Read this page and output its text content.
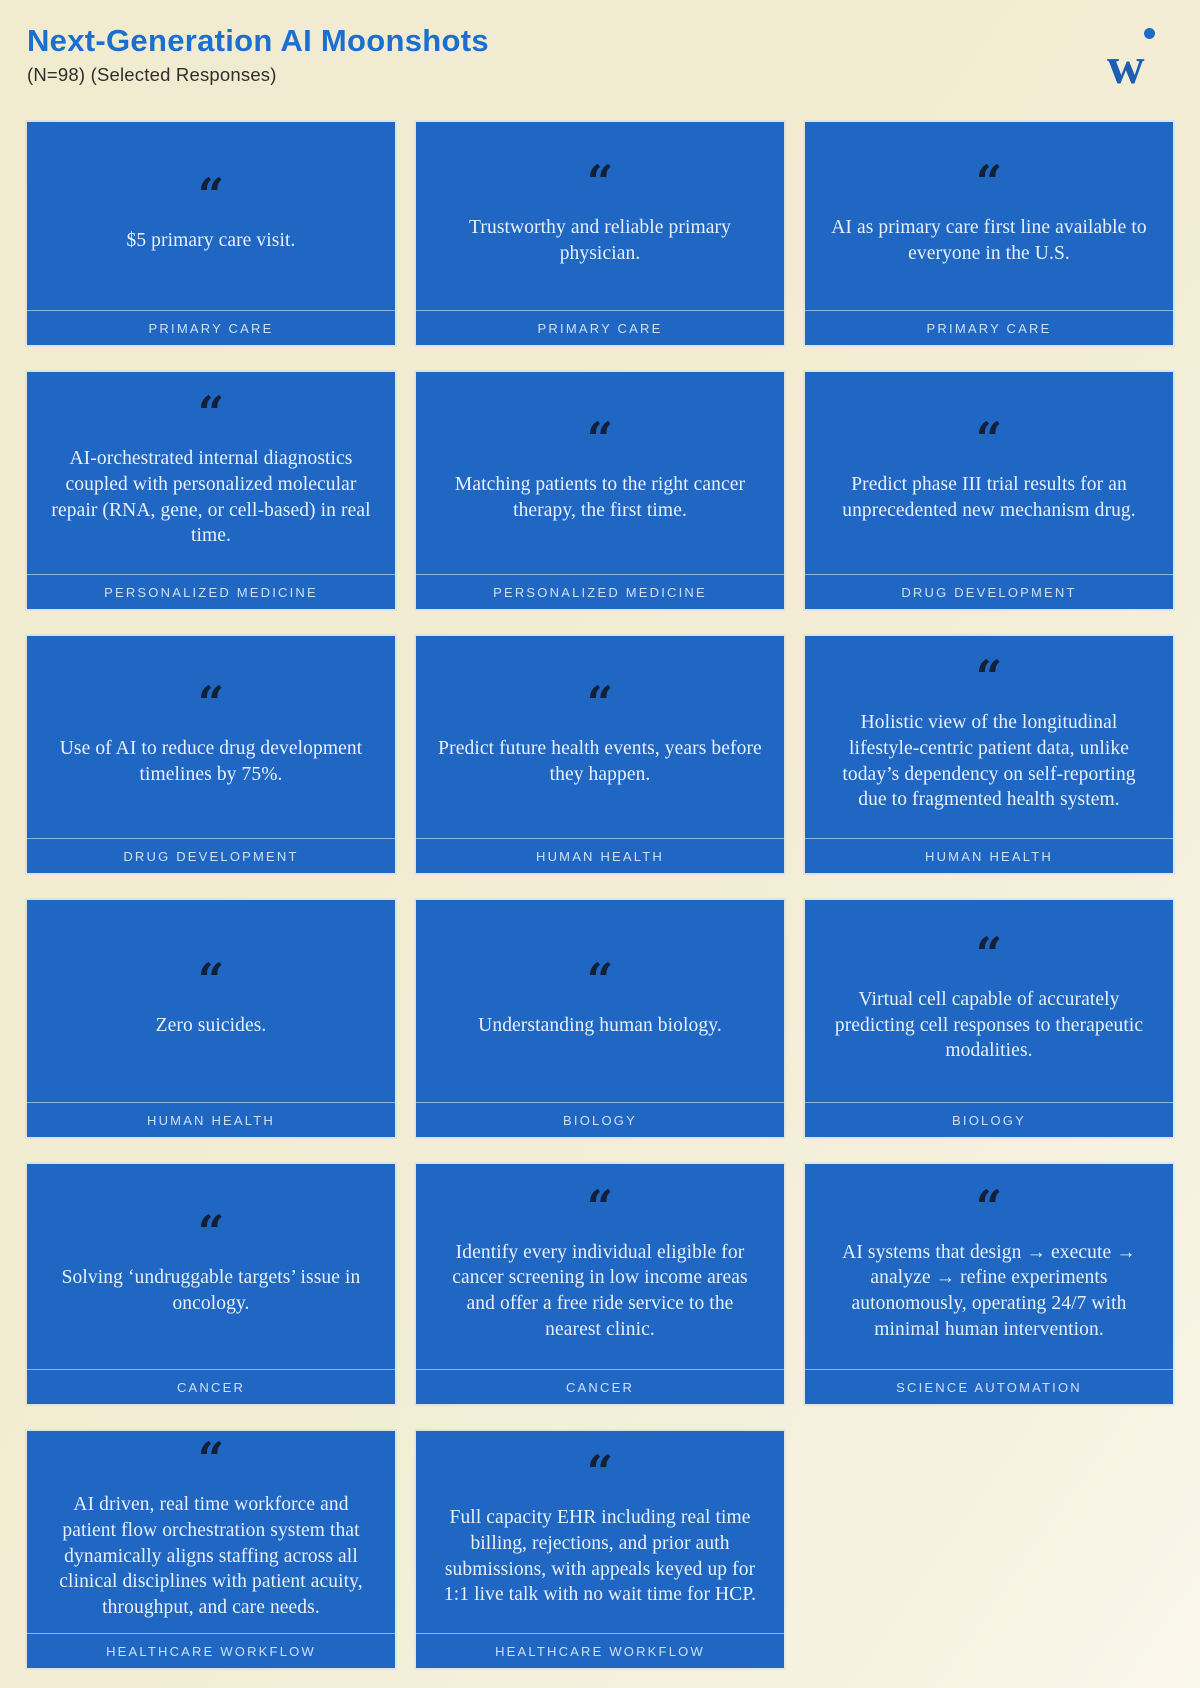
Next-Generation AI Moonshots

(N=98) (Selected Responses)	w
“

$5 primary care visit.

PRIMARY CARE
“

Trustworthy and reliable primary physician.

PRIMARY CARE
“

AI as primary care first line available to everyone in the U.S.

PRIMARY CARE
“

AI-orchestrated internal diagnostics coupled with personalized molecular repair (RNA, gene, or cell-based) in real time.

PERSONALIZED MEDICINE
“

Matching patients to the right cancer therapy, the first time.

PERSONALIZED MEDICINE
“

Predict phase III trial results for an unprecedented new mechanism drug.

DRUG DEVELOPMENT
“

Use of AI to reduce drug development timelines by 75%.

DRUG DEVELOPMENT
“

Predict future health events, years before they happen.

HUMAN HEALTH
“

Holistic view of the longitudinal lifestyle-centric patient data, unlike today’s dependency on self-reporting due to fragmented health system.

HUMAN HEALTH
“

Zero suicides.

HUMAN HEALTH
“

Understanding human biology.

BIOLOGY
“

Virtual cell capable of accurately predicting cell responses to therapeutic modalities.

BIOLOGY
“

Solving ‘undruggable targets’ issue in oncology.

CANCER
“

Identify every individual eligible for cancer screening in low income areas and offer a free ride service to the nearest clinic.

CANCER
“

AI systems that design → execute → analyze → refine experiments autonomously, operating 24/7 with minimal human intervention.

SCIENCE AUTOMATION
“

AI driven, real time workforce and patient flow orchestration system that dynamically aligns staffing across all clinical disciplines with patient acuity, throughput, and care needs.

HEALTHCARE WORKFLOW
“

Full capacity EHR including real time billing, rejections, and prior auth submissions, with appeals keyed up for 1:1 live talk with no wait time for HCP.

HEALTHCARE WORKFLOW
